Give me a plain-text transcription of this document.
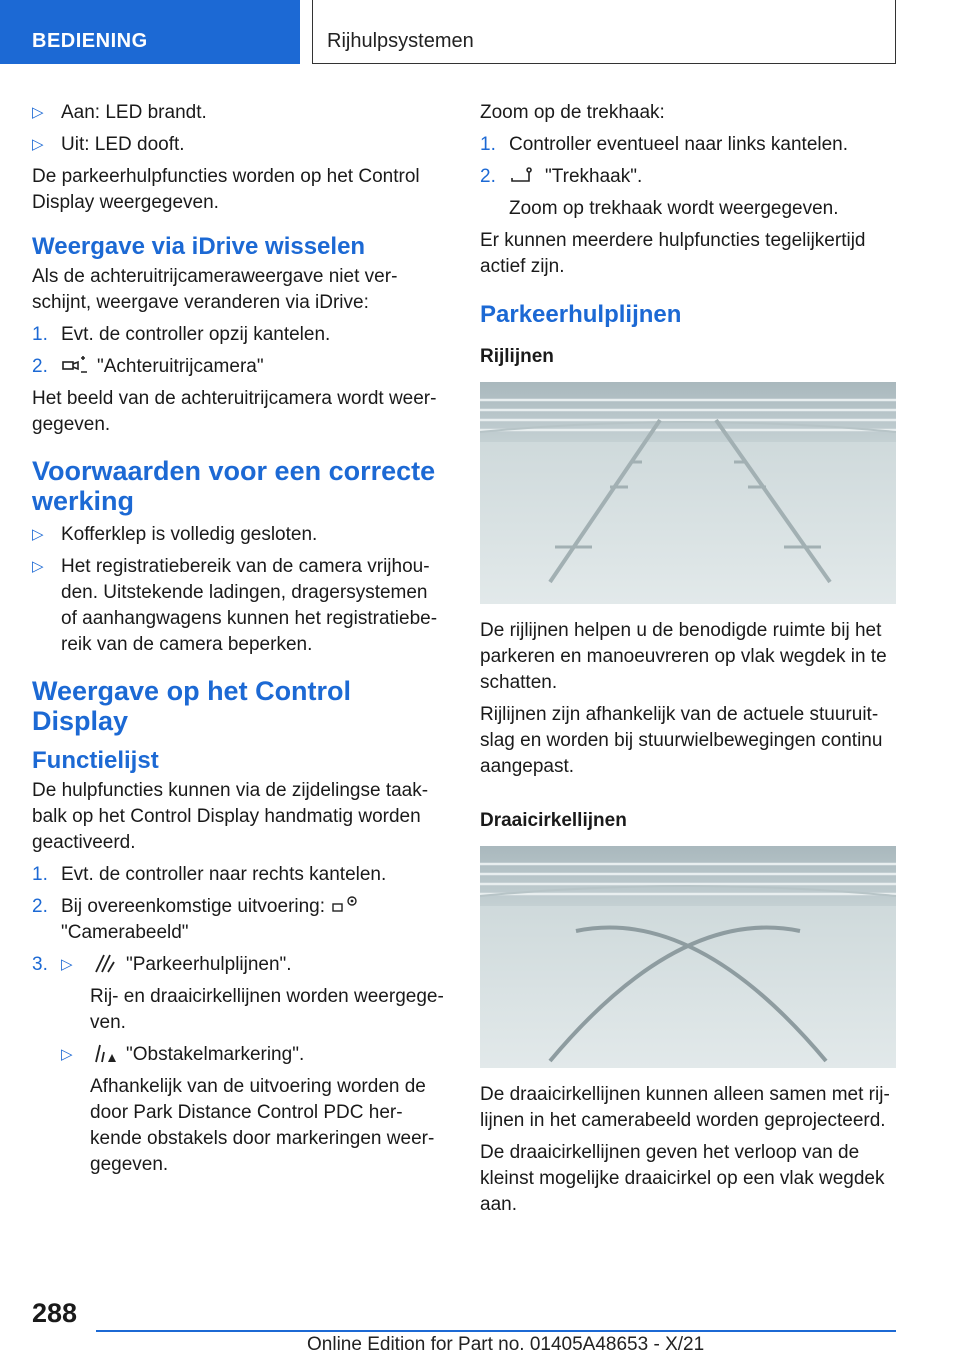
BEDIENING	Rijhulpsystemen
▷ Aan: LED brandt.
▷ Uit: LED dooft.

De parkeerhulpfuncties worden op het Control Display weergegeven.

Weergave via iDrive wisselen

Als de achteruitrijcameraweergave niet verschijnt, weergave veranderen via iDrive:

1. Evt. de controller opzij kantelen.
2.	"Achteruitrijcamera"

Het beeld van de achteruitrijcamera wordt weergegeven.

Voorwaarden voor een correcte werking
▷ Kofferklep is volledig gesloten.
▷ Het registratiebereik van de camera vrijhouden. Uitstekende ladingen, dragersystemen of aanhangwagens kunnen het registratiebereik van de camera beperken.
Weergave op het Control Display
Functielijst

De hulpfuncties kunnen via de zijdelingse taakbalk op het Control Display handmatig worden geactiveerd.

1. Evt. de controller naar rechts kantelen.
2. Bij overeenkomstige uitvoering:
"Camerabeeld"
3. ▷	"Parkeerhulplijnen".
Rij- en draaicirkellijnen worden weergegeven.
▷	"Obstakelmarkering".
Afhankelijk van de uitvoering worden de door Park Distance Control PDC herkende obstakels door markeringen weergegeven.

Zoom op de trekhaak:

1. Controller eventueel naar links kantelen.
2.	"Trekhaak".
Zoom op trekhaak wordt weergegeven.

Er kunnen meerdere hulpfuncties tegelijkertijd actief zijn.

Parkeerhulplijnen
Rijlijnen

De rijlijnen helpen u de benodigde ruimte bij het parkeren en manoeuvreren op vlak wegdek in te schatten.

Rijlijnen zijn afhankelijk van de actuele stuuruitslag en worden bij stuurwielbewegingen continu aangepast.

Draaicirkellijnen

De draaicirkellijnen kunnen alleen samen met rijlijnen in het camerabeeld worden geprojecteerd.

De draaicirkellijnen geven het verloop van de kleinst mogelijke draaicirkel op een vlak wegdek aan.

288
Online Edition for Part no. 01405A48653 - X/21
